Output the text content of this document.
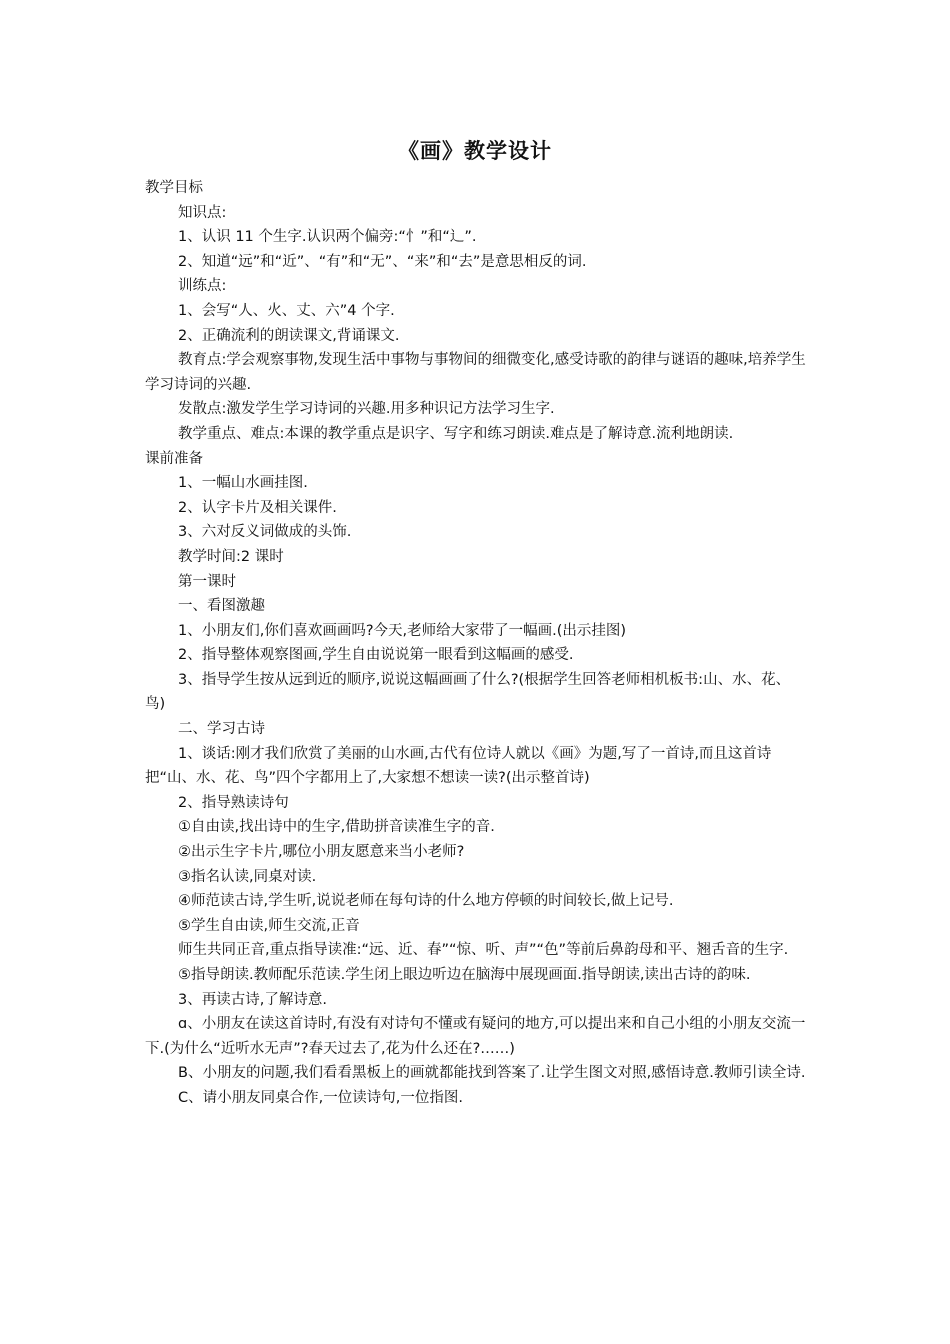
《画》教学设计

教学目标

知识点:

1、认识 11 个生字.认识两个偏旁:“忄”和“辶”.

2、知道“远”和“近”、“有”和“无”、“来”和“去”是意思相反的词.

训练点:

1、会写“人、火、丈、六”4 个字.

2、正确流利的朗读课文,背诵课文.

教育点:学会观察事物,发现生活中事物与事物间的细微变化,感受诗歌的韵律与谜语的趣味,培养学生学习诗词的兴趣.

发散点:激发学生学习诗词的兴趣.用多种识记方法学习生字.

教学重点、难点:本课的教学重点是识字、写字和练习朗读.难点是了解诗意.流利地朗读.

课前准备

1、一幅山水画挂图.

2、认字卡片及相关课件.

3、六对反义词做成的头饰.

教学时间:2 课时

第一课时

一、看图激趣

1、小朋友们,你们喜欢画画吗?今天,老师给大家带了一幅画.(出示挂图)

2、指导整体观察图画,学生自由说说第一眼看到这幅画的感受.

3、指导学生按从远到近的顺序,说说这幅画画了什么?(根据学生回答老师相机板书:山、水、花、鸟)

二、学习古诗

1、谈话:刚才我们欣赏了美丽的山水画,古代有位诗人就以《画》为题,写了一首诗,而且这首诗把“山、水、花、鸟”四个字都用上了,大家想不想读一读?(出示整首诗)

2、指导熟读诗句

①自由读,找出诗中的生字,借助拼音读准生字的音.

②出示生字卡片,哪位小朋友愿意来当小老师?

③指名认读,同桌对读.

④师范读古诗,学生听,说说老师在每句诗的什么地方停顿的时间较长,做上记号.

⑤学生自由读,师生交流,正音

师生共同正音,重点指导读准:“远、近、春”“惊、听、声”“色”等前后鼻韵母和平、翘舌音的生字.

⑤指导朗读.教师配乐范读.学生闭上眼边听边在脑海中展现画面.指导朗读,读出古诗的韵味.

3、再读古诗,了解诗意.

ɑ、小朋友在读这首诗时,有没有对诗句不懂或有疑问的地方,可以提出来和自己小组的小朋友交流一下.(为什么“近听水无声”?春天过去了,花为什么还在?……)

B、小朋友的问题,我们看看黑板上的画就都能找到答案了.让学生图文对照,感悟诗意.教师引读全诗.

C、请小朋友同桌合作,一位读诗句,一位指图.
